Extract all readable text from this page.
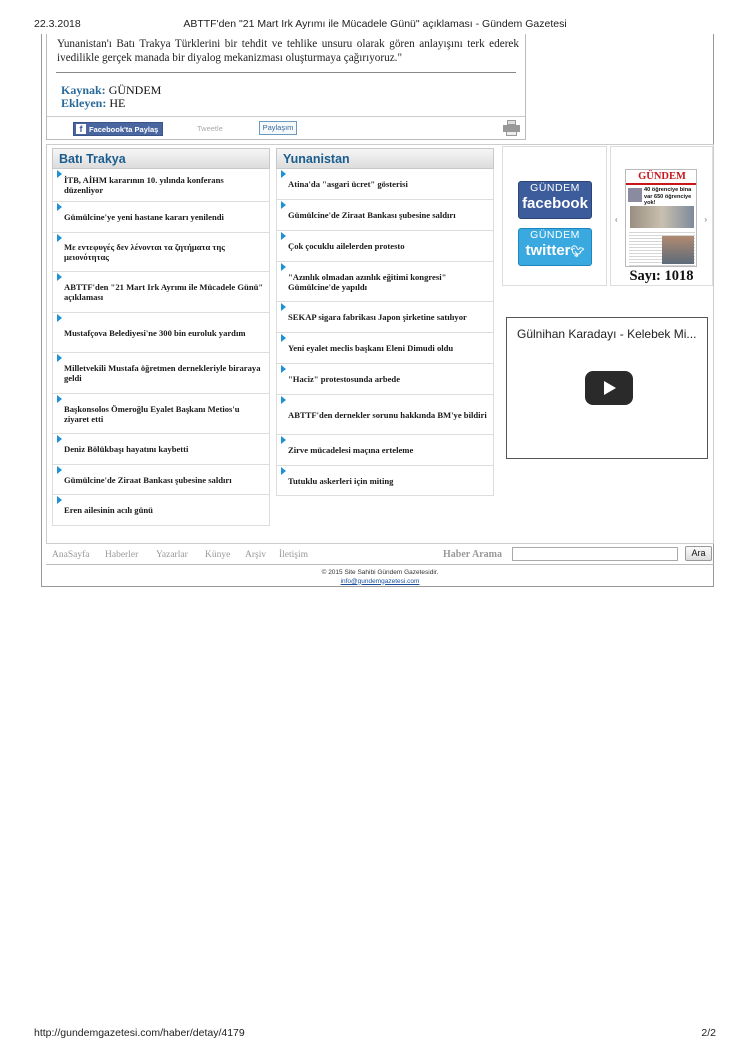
22.3.2018	ABTTF'den "21 Mart Irk Ayrımı ile Mücadele Günü" açıklaması - Gündem Gazetesi
Yunanistan'ı Batı Trakya Türklerini bir tehdit ve tehlike unsuru olarak gören anlayışını terk ederek ivedilikle gerçek manada bir diyalog mekanizması oluşturmaya çağırıyoruz."
Kaynak: GÜNDEM
Ekleyen: HE
f Facebook'ta Paylaş	Tweetle	Paylaşım
Batı Trakya
İTB, AİHM kararının 10. yılında konferans düzenliyor
Gümülcine'ye yeni hastane kararı yenilendi
Με εντεφυγές δεν λένονται τα ζητήματα της μειονότητας
ABTTF'den "21 Mart Irk Ayrımı ile Mücadele Günü" açıklaması
Mustafçova Belediyesi'ne 300 bin euroluk yardım
Milletvekili Mustafa öğretmen dernekleriyle biraraya geldi
Başkonsolos Ömeroğlu Eyalet Başkanı Metios'u ziyaret etti
Deniz Bölükbaşı hayatını kaybetti
Gümülcine'de Ziraat Bankası şubesine saldırı
Eren ailesinin acılı günü
Yunanistan
Atina'da "asgari ücret" gösterisi
Gümülcine'de Ziraat Bankası şubesine saldırı
Çok çocuklu ailelerden protesto
"Azınlık olmadan azınlık eğitimi kongresi" Gümülcine'de yapıldı
SEKAP sigara fabrikası Japon şirketine satılıyor
Yeni eyalet meclis başkanı Eleni Dimudi oldu
"Haciz" protestosunda arbede
ABTTF'den dernekler sorunu hakkında BM'ye bildiri
Zirve mücadelesi maçına erteleme
Tutuklu askerleri için miting
GÜNDEM
facebook
GÜNDEM
twitter🐦︎
‹	›
GÜNDEM
40 öğrenciye bina var 650 öğrenciye yok!
Sayı: 1018
Gülnihan Karadayı - Kelebek Mi...
AnaSayfa Haberler Yazarlar Künye Arşiv İletişim	Haber Arama	Ara
© 2015 Site Sahibi Gündem Gazetesidir.
info@gundemgazetesi.com
http://gundemgazetesi.com/haber/detay/4179	2/2
